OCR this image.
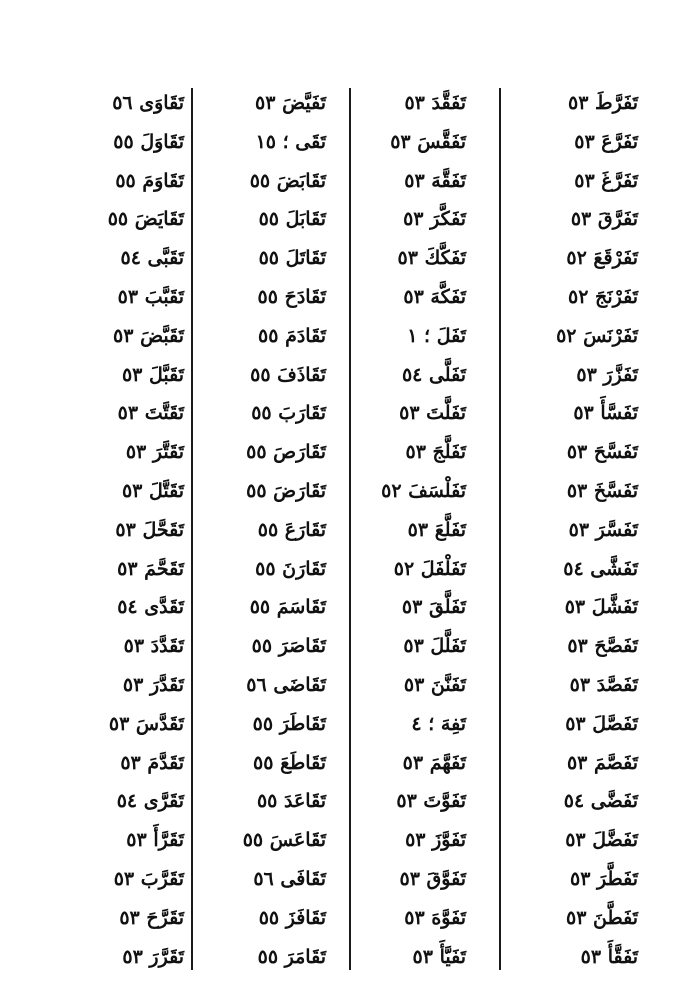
تَفَرَّطَ ٥٣
تَفَرَّعَ ٥٣
تَفَرَّغَ ٥٣
تَفَرَّقَ ٥٣
تَفَرْقَعَ ٥٢
تَفَرْنَجَ ٥٢
تَفَرْنَسَ ٥٢
تَفَزَّرَ ٥٣
تَفَسَّأَ ٥٣
تَفَسَّحَ ٥٣
تَفَسَّخَ ٥٣
تَفَسَّرَ ٥٣
تَفَشَّى ٥٤
تَفَشَّلَ ٥٣
تَفَصَّحَ ٥٣
تَفَصَّدَ ٥٣
تَفَصَّلَ ٥٣
تَفَصَّمَ ٥٣
تَفَضَّى ٥٤
تَفَضَّلَ ٥٣
تَفَطَّرَ ٥٣
تَفَطَّنَ ٥٣
تَفَقَّأَ ٥٣
تَفَقَّدَ ٥٣
تَفَقَّسَ ٥٣
تَفَقَّهَ ٥٣
تَفَكَّرَ ٥٣
تَفَكَّكَ ٥٣
تَفَكَّهَ ٥٣
تَفَلَ ؛ ١
تَفَلَّى ٥٤
تَفَلَّتَ ٥٣
تَفَلَّجَ ٥٣
تَفَلْسَفَ ٥٢
تَفَلَّعَ ٥٣
تَفَلْفَلَ ٥٢
تَفَلَّقَ ٥٣
تَفَلَّلَ ٥٣
تَفَنَّنَ ٥٣
تَفِهَ ؛ ٤
تَفَهَّمَ ٥٣
تَفَوَّتَ ٥٣
تَفَوَّزَ ٥٣
تَفَوَّقَ ٥٣
تَفَوَّهَ ٥٣
تَفَيَّأَ ٥٣
تَفَيَّضَ ٥٣
تَقَى ؛ ١٥
تَقَابَضَ ٥٥
تَقَابَلَ ٥٥
تَقَاتَلَ ٥٥
تَقَادَحَ ٥٥
تَقَادَمَ ٥٥
تَقَاذَفَ ٥٥
تَقَارَبَ ٥٥
تَقَارَصَ ٥٥
تَقَارَضَ ٥٥
تَقَارَعَ ٥٥
تَقَارَنَ ٥٥
تَقَاسَمَ ٥٥
تَقَاصَرَ ٥٥
تَقَاضَى ٥٦
تَقَاطَرَ ٥٥
تَقَاطَعَ ٥٥
تَقَاعَدَ ٥٥
تَقَاعَسَ ٥٥
تَقَافَى ٥٦
تَقَافَزَ ٥٥
تَقَامَرَ ٥٥
تَقَاوَى ٥٦
تَقَاوَلَ ٥٥
تَقَاوَمَ ٥٥
تَقَايَضَ ٥٥
تَقَبَّى ٥٤
تَقَبَّبَ ٥٣
تَقَبَّضَ ٥٣
تَقَبَّلَ ٥٣
تَقَتَّتَ ٥٣
تَقَتَّرَ ٥٣
تَقَتَّلَ ٥٣
تَقَحَّلَ ٥٣
تَقَحَّمَ ٥٣
تَقَدَّى ٥٤
تَقَدَّدَ ٥٣
تَقَدَّرَ ٥٣
تَقَدَّسَ ٥٣
تَقَدَّمَ ٥٣
تَقَرَّى ٥٤
تَقَرَّأَ ٥٣
تَقَرَّبَ ٥٣
تَقَرَّحَ ٥٣
تَقَرَّرَ ٥٣
